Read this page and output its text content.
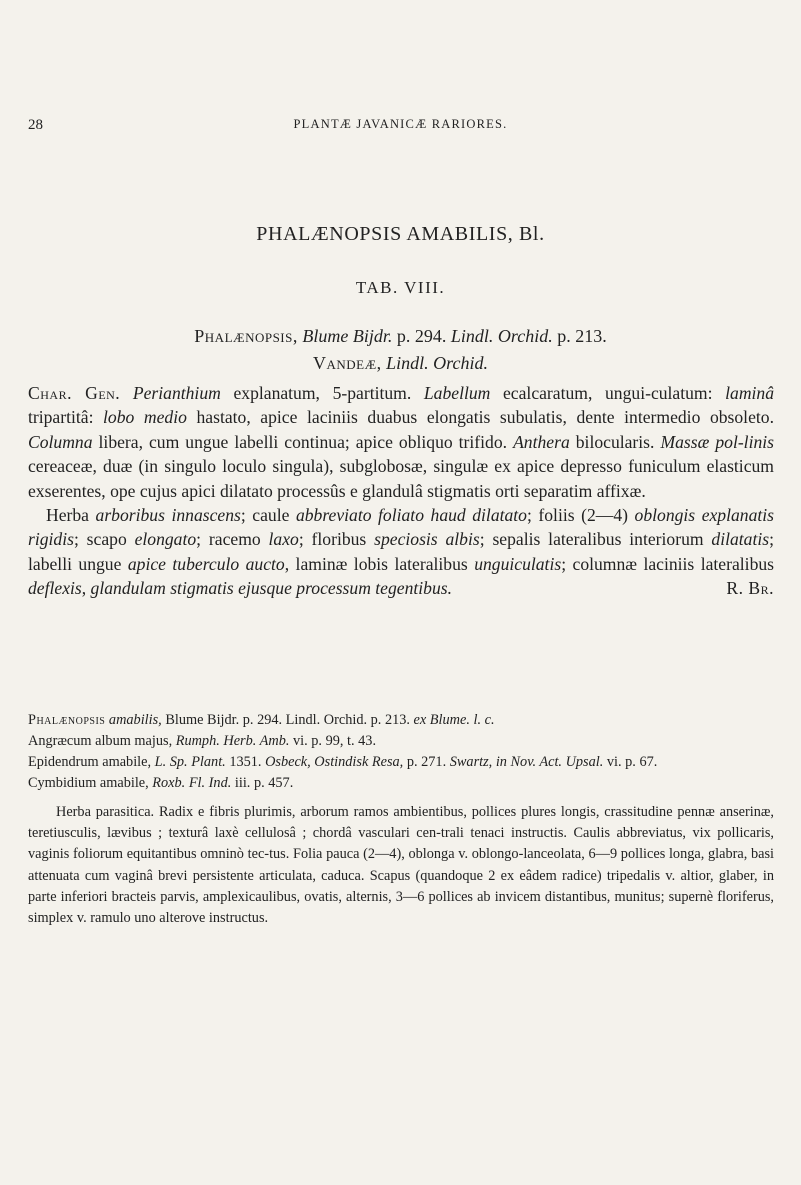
28	PLANTÆ JAVANICÆ RARIORES.
PHALÆNOPSIS AMABILIS, Bl.
TAB. VIII.
Phalænopsis, Blume Bijdr. p. 294. Lindl. Orchid. p. 213.
Vandeæ, Lindl. Orchid.

Char. Gen. Perianthium explanatum, 5-partitum. Labellum ecalcaratum, ungui-culatum: laminâ tripartitâ: lobo medio hastato, apice laciniis duabus elongatis subulatis, dente intermedio obsoleto. Columna libera, cum ungue labelli continua; apice obliquo trifido. Anthera bilocularis. Massæ pol-linis cereaceæ, duæ (in singulo loculo singula), subglobosæ, singulæ ex apice depresso funiculum elasticum exserentes, ope cujus apici dilatato processûs e glandulâ stigmatis orti separatim affixæ.

Herba arboribus innascens; caule abbreviato foliato haud dilatato; foliis (2—4) oblongis explanatis rigidis; scapo elongato; racemo laxo; floribus speciosis albis; sepalis lateralibus interiorum dilatatis; labelli ungue apice tuberculo aucto, laminæ lobis lateralibus unguiculatis; columnæ laciniis lateralibus deflexis, glandulam stigmatis ejusque processum tegentibus.	R. Br.

Phalænopsis amabilis, Blume Bijdr. p. 294. Lindl. Orchid. p. 213. ex Blume. l. c.
Angræcum album majus, Rumph. Herb. Amb. vi. p. 99, t. 43.
Epidendrum amabile, L. Sp. Plant. 1351. Osbeck, Ostindisk Resa, p. 271. Swartz, in Nov. Act. Upsal. vi. p. 67.
Cymbidium amabile, Roxb. Fl. Ind. iii. p. 457.

Herba parasitica. Radix e fibris plurimis, arborum ramos ambientibus, pollices plures longis, crassitudine pennæ anserinæ, teretiusculis, lævibus ; texturâ laxè cellulosâ ; chordâ vasculari cen-trali tenaci instructis. Caulis abbreviatus, vix pollicaris, vaginis foliorum equitantibus omninò tec-tus. Folia pauca (2—4), oblonga v. oblongo-lanceolata, 6—9 pollices longa, glabra, basi attenuata cum vaginâ brevi persistente articulata, caduca. Scapus (quandoque 2 ex eâdem radice) tripedalis v. altior, glaber, in parte inferiori bracteis parvis, amplexicaulibus, ovatis, alternis, 3—6 pollices ab invicem distantibus, munitus; supernè floriferus, simplex v. ramulo uno alterove instructus.
